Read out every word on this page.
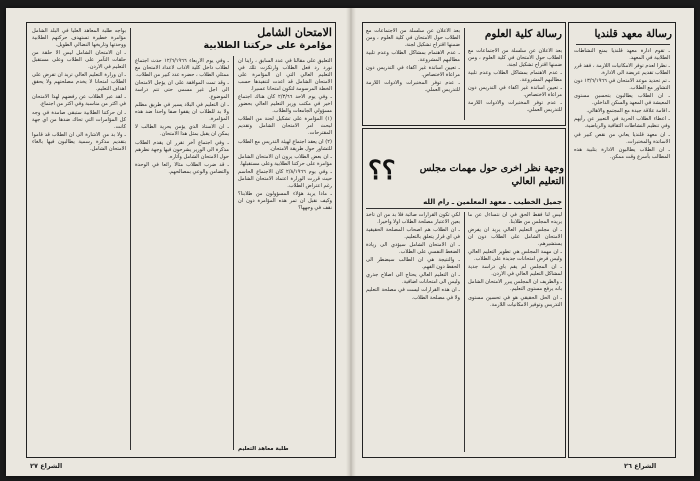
الامتحان الشامل
مؤامرة على حركتنا الطلابية

بواجه طلبة المعاهد العليا في البلد الشامل مؤامرة خطيرة تستهدف حركتهم الطلابية ووحدتها وتاريخها النضالي الطويل.

ـ ان الامتحان الشامل ليس الا حلقة من حلقات التآمر على الطلاب وعلى مستقبل التعليم في الاردن.

ـ ان وزارة التعليم العالي تريد ان تفرض على الطلاب امتحانا لا يخدم مصلحتهم ولا يحقق اهداف التعليم.

ـ لقد عبر الطلاب عن رفضهم لهذا الامتحان في اكثر من مناسبة وفي اكثر من اجتماع.

ـ ان حركتنا الطلابية ستبقى صامدة في وجه كل المؤامرات التي تحاك ضدها من اي جهة كانت.

ـ ولا بد من الاشارة الى ان الطلاب قد قاموا بتقديم مذكرة رسمية يطالبون فيها بالغاء الامتحان الشامل.

ـ وفي يوم الاربعاء ١٢/٦/١٩٦٦ حدث اجتماع لطلاب داخل كلية الاداب لاعداد الامتحان مع ممثلي الطلاب ، حضره عدد كبير من الطلاب.

ـ وقد تمت الموافقة على ان يؤجل الامتحان الى اجل غير مسمى حتى تتم دراسة الموضوع.

ـ ان التعليم في البلاد يسير في طريق مظلم ولا بد للطلاب ان يقفوا صفا واحدا ضد هذه المؤامرة.

ـ ان الاستاذ الذي يؤمن بحرية الطالب لا يمكن ان يقبل بمثل هذا الامتحان.

ـ وفي اجتماع آخر تقرر ان يقدم الطلاب مذكرة الى الوزير يشرحون فيها وجهة نظرهم حول الامتحان الشامل وآثاره.

ـ قد ضرب الطلاب مثالا رائعا في الوحدة والتضامن والوعي بمصالحهم.

التعليق على مقالنا في عدد السابق ، رأينا ان نورد رد فعل الطلاب وارتكزت تلك في التعليم العالي التي ان المؤامرة على الامتحان الشامل قد اعدت لتنفيذها حسب الخطة المرسومة لتكون امتحانا عسيرا.

ـ وفي يوم الاحد ٢/٣/٦٦ كان هناك اجتماع اخير في مكتب وزير التعليم العالي بحضور مسؤولي الجامعات والطلاب.

(١) المؤامرة على تشكيل لجنة من الطلاب لبحث امر الامتحان الشامل وتقديم المقترحات.

(٢) ان يعقد اجتماع لهيئة التدريس مع الطلاب للتشاور حول طريقة الامتحان.

ـ ان بعض الطلاب يرون ان الامتحان الشامل مؤامرة على حركتنا الطلابية وعلى مستقبلها.

ـ وفي يوم ٢/٨/١٩٦٦ كان الاجتماع الحاسم حيث قررت الوزارة اعتماد الامتحان الشامل رغم اعتراض الطلاب.

ـ ماذا يريد هؤلاء المسؤولون من طلابنا؟ وكيف نقبل ان تمر هذه المؤامرة دون ان نقف في وجهها؟

طلبة معاهد التعليم
الشراع ٢٧
رسالة معهد قلنديا

ـ تقوم ادارة معهد قلنديا بمنع النشاطات الطلابية في المعهد.

ـ نظرا لعدم توفر الامكانيات اللازمة ، فقد قرر الطلاب تقديم عريضة الى الادارة.

ـ تم تحديد موعد الامتحان في ١٣/٦/١٩٦٦ دون التشاور مع الطلاب.

ـ ان الطلاب يطالبون بتحسين مستوى المعيشة في المعهد والسكن الداخلي.

ـ اقامة علاقة جيدة مع المجتمع والاهالي.

ـ اعطاء الطلاب الحرية في التعبير عن رأيهم وفي تنظيم النشاطات الثقافية والرياضية.

ـ ان معهد قلنديا يعاني من نقص كبير في الاساتذة والمختبرات.

ـ ان الطلاب يطالبون الادارة بتلبية هذه المطالب بأسرع وقت ممكن.

رسالة كلية العلوم

بعد الاعلان عن سلسلة من الاجتماعات مع الطلاب حول الامتحان في كلية العلوم ، ومن ضمنها اقتراح تشكيل لجنة.

ـ عدم الاهتمام بمشاكل الطلاب وعدم تلبية مطالبهم المشروعة.

ـ تعيين اساتذة غير اكفاء في التدريس دون مراعاة الاختصاص.

ـ عدم توفر المختبرات والادوات اللازمة للتدريس العملي.

بعد الاعلان عن سلسلة من الاجتماعات مع الطلاب حول الامتحان في كلية العلوم ، ومن ضمنها اقتراح تشكيل لجنة.

ـ عدم الاهتمام بمشاكل الطلاب وعدم تلبية مطالبهم المشروعة.

ـ تعيين اساتذة غير اكفاء في التدريس دون مراعاة الاختصاص.

ـ عدم توفر المختبرات والادوات اللازمة للتدريس العملي.

؟؟	وجهة نظر اخرى حول مهمات مجلس التعليم العالي
جميل الخطيب ـ معهد المعلمين ـ رام الله

ليس لنا فقط الحق في ان نتساءل عن ما يريده المجلس من طلابنا.

ـ ان مجلس التعليم العالي يريد ان يفرض الامتحان الشامل على الطلاب دون ان يستشيرهم.

ـ ان مهمة المجلس هي تطوير التعليم العالي وليس فرض امتحانات جديدة على الطلاب.

ـ ان المجلس لم يقم باي دراسة جدية لمشاكل التعليم العالي في الاردن.

ـ والطريف ان المجلس يبرر الامتحان الشامل بانه يرفع مستوى التعليم.

ـ ان الحل الحقيقي هو في تحسين مستوى التدريس وتوفير الامكانيات اللازمة.

لكي تكون القرارات صائبة فلا بد من ان تأخذ بعين الاعتبار مصلحة الطلاب اولا واخيرا.

ـ ان الطلاب هم اصحاب المصلحة الحقيقية في اي قرار يتعلق بالتعليم.

ـ ان الامتحان الشامل سيؤدي الى زيادة الضغط النفسي على الطلاب.

ـ والنتيجة هي ان الطالب سيضطر الى الحفظ دون الفهم.

ـ ان التعليم العالي يحتاج الى اصلاح جذري وليس الى امتحانات اضافية.

ـ ان هذه القرارات ليست في مصلحة التعليم ولا في مصلحة الطلاب.

الشراع ٢٦
